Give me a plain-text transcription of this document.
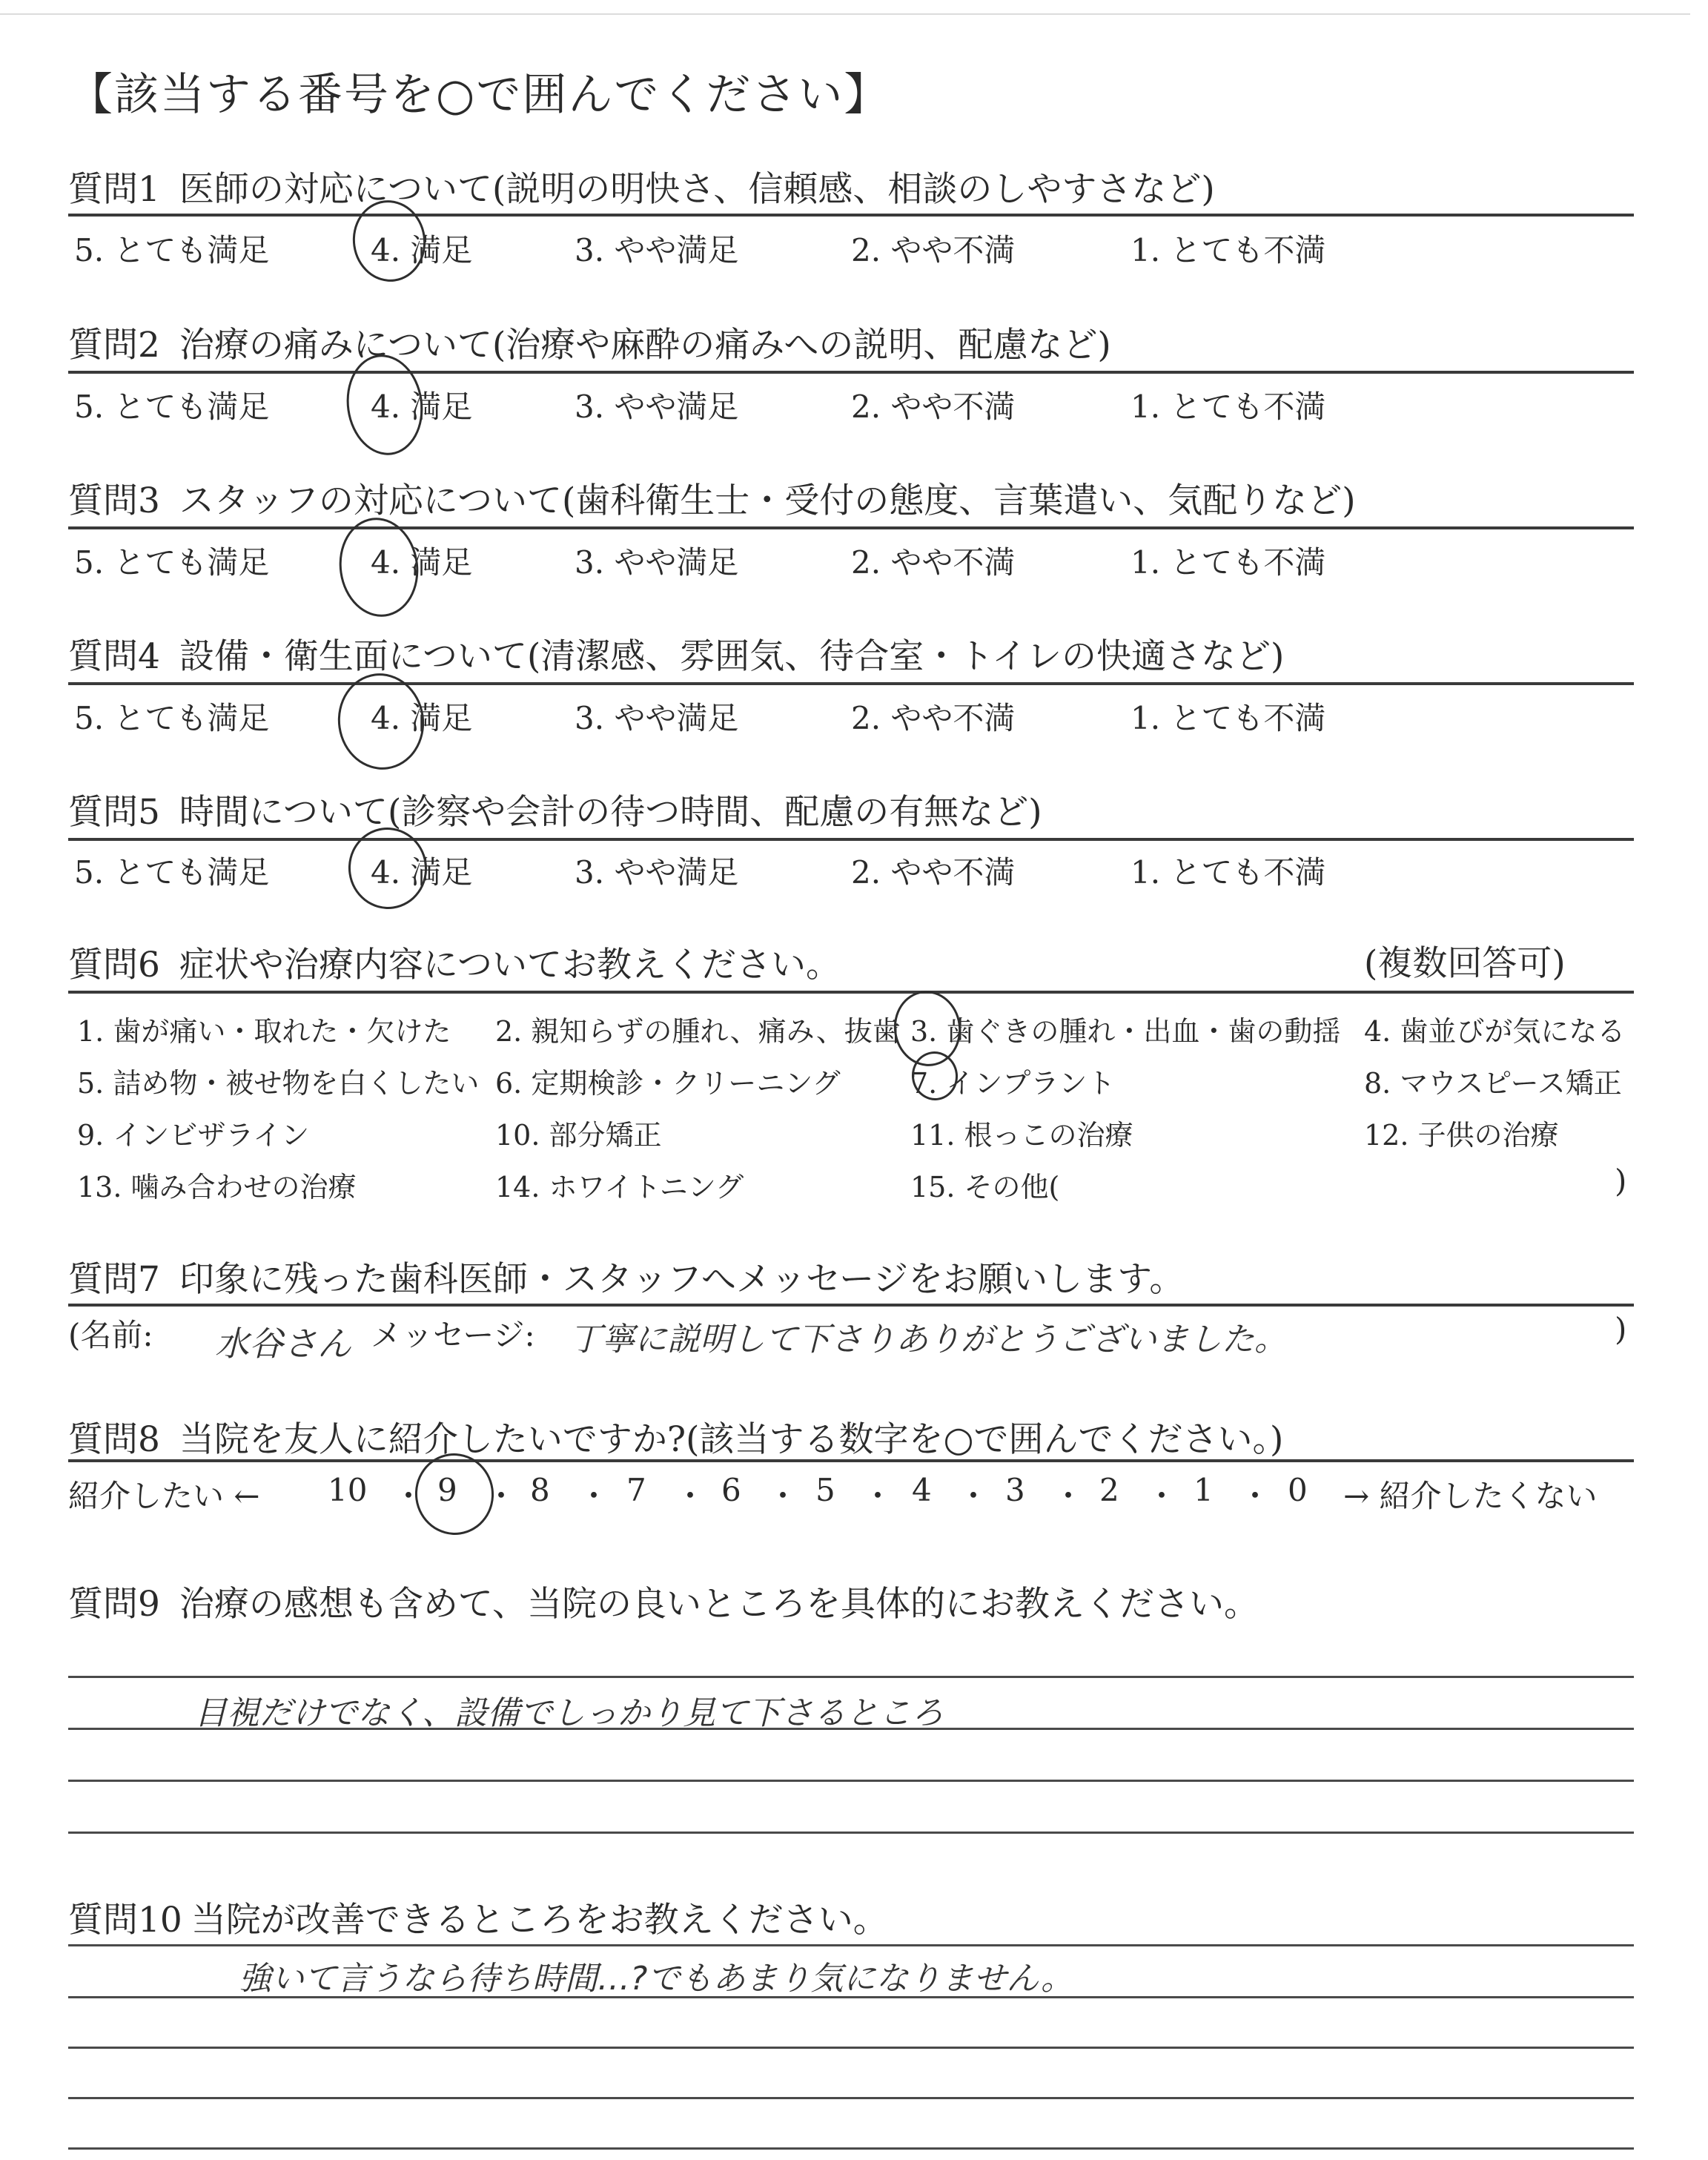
【該当する番号を○で囲んでください】
質問1 医師の対応について(説明の明快さ、信頼感、相談のしやすさなど)
5. とても満足	4. 満足	3. やや満足	2. やや不満	1. とても不満
質問2 治療の痛みについて(治療や麻酔の痛みへの説明、配慮など)
5. とても満足	4. 満足	3. やや満足	2. やや不満	1. とても不満
質問3 スタッフの対応について(歯科衛生士・受付の態度、言葉遣い、気配りなど)
5. とても満足	4. 満足	3. やや満足	2. やや不満	1. とても不満
質問4 設備・衛生面について(清潔感、雰囲気、待合室・トイレの快適さなど)
5. とても満足	4. 満足	3. やや満足	2. やや不満	1. とても不満
質問5 時間について(診察や会計の待つ時間、配慮の有無など)
5. とても満足	4. 満足	3. やや満足	2. やや不満	1. とても不満
質問6 症状や治療内容についてお教えください。	(複数回答可)
1. 歯が痛い・取れた・欠けた 2. 親知らずの腫れ、痛み、抜歯 3. 歯ぐきの腫れ・出血・歯の動揺 4. 歯並びが気になる
5. 詰め物・被せ物を白くしたい 6. 定期検診・クリーニング 7. インプラント	8. マウスピース矯正
9. インビザライン	10. 部分矯正	11. 根っこの治療	12. 子供の治療
13. 噛み合わせの治療	14. ホワイトニング	15. その他(	)
質問7 印象に残った歯科医師・スタッフへメッセージをお願いします。
(名前: 水谷さん メッセージ: 丁寧に説明して下さりありがとうございました。	)
質問8 当院を友人に紹介したいですか?(該当する数字を○で囲んでください。)
紹介したい ← 10 ・ 9 ・ 8 ・ 7 ・ 6 ・ 5 ・ 4 ・ 3 ・ 2 ・ 1 ・ 0 → 紹介したくない
質問9 治療の感想も含めて、当院の良いところを具体的にお教えください。
目視だけでなく、設備でしっかり見て下さるところ
質問10 当院が改善できるところをお教えください。
強いて言うなら待ち時間…?でもあまり気になりません。
